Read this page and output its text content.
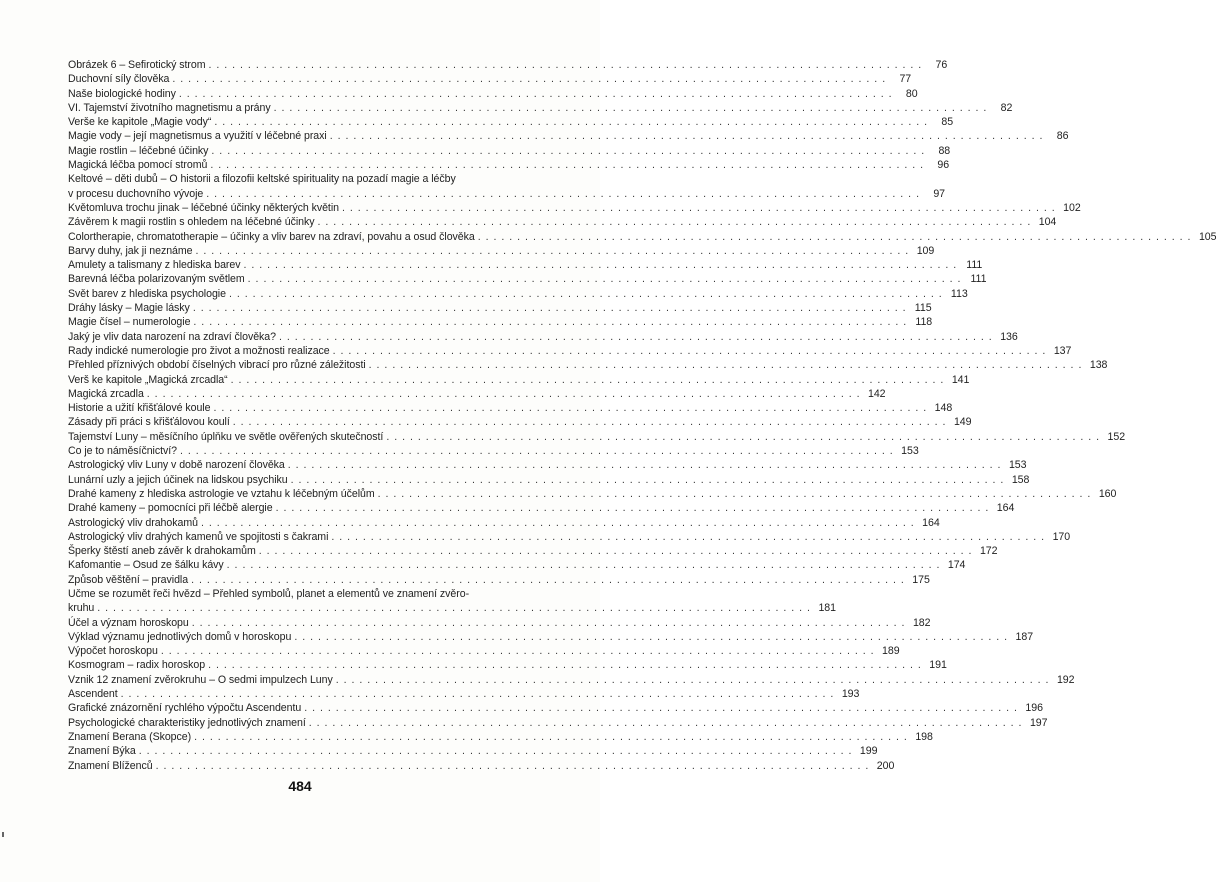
Obrázek 6 – Sefirotický strom . . .	76
Duchovní síly člověka . . .	77
Naše biologické hodiny . . .	80
VI. Tajemství životního magnetismu a prány . . .	82
Verše ke kapitole „Magie vody“ . . .	85
Magie vody – její magnetismus a využití v léčebné praxi . . .	86
Magie rostlin – léčebné účinky . . .	88
Magická léčba pomocí stromů . . .	96
Keltové – děti dubů – O historii a filozofii keltské spirituality na pozadí magie a léčby
v procesu duchovního vývoje . . .	97
Květomluva trochu jinak – léčebné účinky některých květin . . .	102
Závěrem k magii rostlin s ohledem na léčebné účinky . . .	104
Colortherapie, chromatotherapie – účinky a vliv barev na zdraví, povahu a osud člověka . . .	105
Barvy duhy, jak ji neznáme . . .	109
Amulety a talismany z hlediska barev . . .	111
Barevná léčba polarizovaným světlem . . .	111
Svět barev z hlediska psychologie . . .	113
Dráhy lásky – Magie lásky . . .	115
Magie čísel – numerologie . . .	118
Jaký je vliv data narození na zdraví člověka? . . .	136
Rady indické numerologie pro život a možnosti realizace . . .	137
Přehled příznivých období číselných vibrací pro různé záležitosti . . .	138
Verš ke kapitole „Magická zrcadla“ . . .	141
Magická zrcadla . . .	142
Historie a užití křišťálové koule . . .	148
Zásady při práci s křišťálovou koulí . . .	149
Tajemství Luny – měsíčního úplňku ve světle ověřených skutečností . . .	152
Co je to náměsíčnictví? . . .	153
Astrologický vliv Luny v době narození člověka . . .	153
Lunární uzly a jejich účinek na lidskou psychiku . . .	158
Drahé kameny z hlediska astrologie ve vztahu k léčebným účelům . . .	160
Drahé kameny – pomocníci při léčbě alergie . . .	164
Astrologický vliv drahokamů . . .	164
Astrologický vliv drahých kamenů ve spojitosti s čakrami . . .	170
Šperky štěstí aneb závěr k drahokamům . . .	172
Kafomantie – Osud ze šálku kávy . . .	174
Způsob věštění – pravidla . . .	175
Učme se rozumět řeči hvězd – Přehled symbolů, planet a elementů ve znamení zvěro-
kruhu . . .	181
Účel a význam horoskopu . . .	182
Výklad významu jednotlivých domů v horoskopu . . .	187
Výpočet horoskopu . . .	189
Kosmogram – radix horoskop . . .	191
Vznik 12 znamení zvěrokruhu – O sedmi impulzech Luny . . .	192
Ascendent . . .	193
Grafické znázornění rychlého výpočtu Ascendentu . . .	196
Psychologické charakteristiky jednotlivých znamení . . .	197
Znamení Berana (Skopce) . . .	198
Znamení Býka . . .	199
Znamení Blíženců . . .	200
484
